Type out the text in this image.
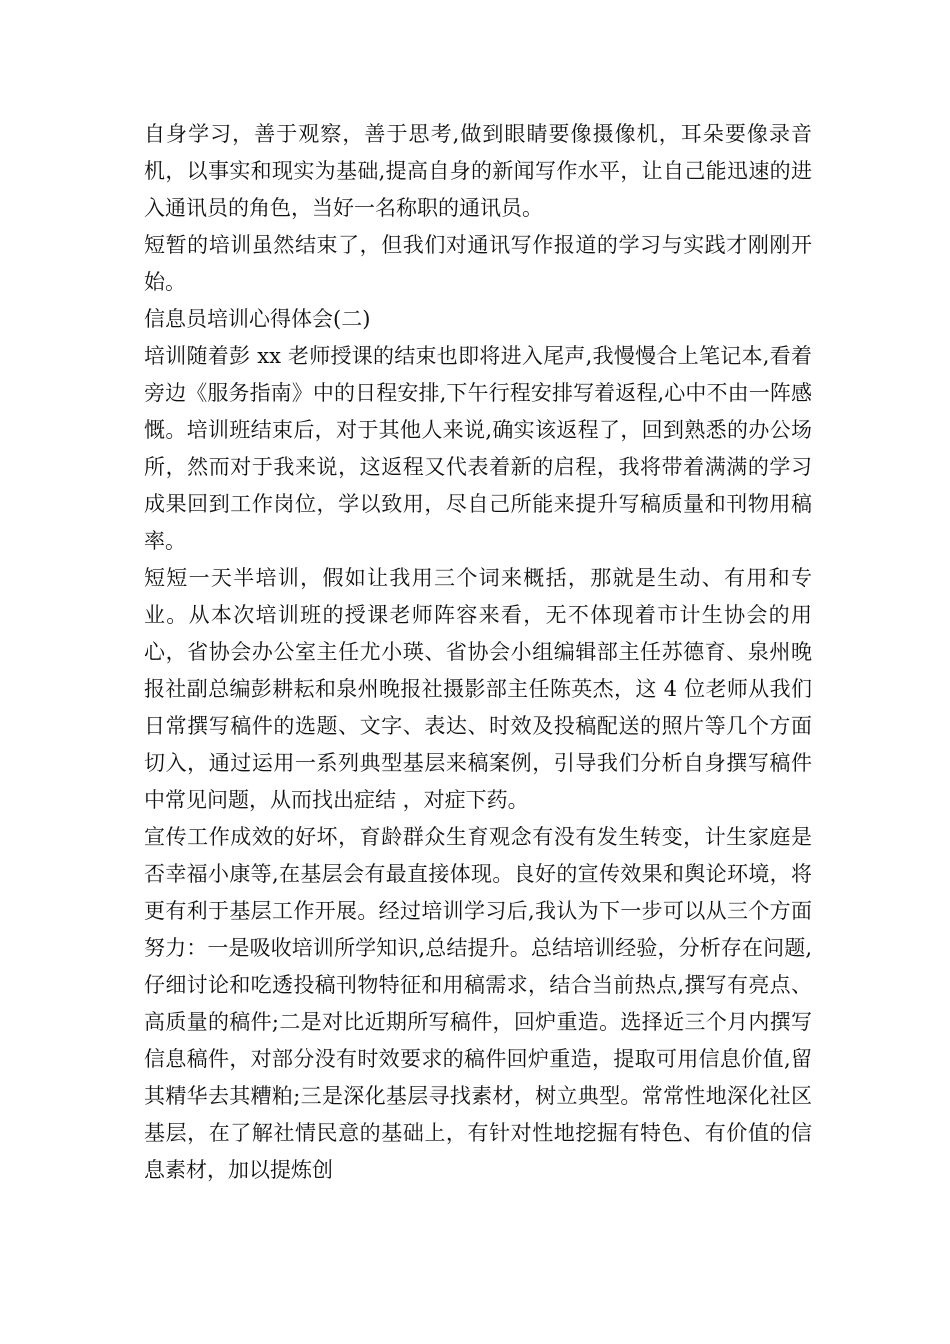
自身学习，善于观察，善于思考,做到眼睛要像摄像机，耳朵要像录音机，以事实和现实为基础,提高自身的新闻写作水平，让自己能迅速的进入通讯员的角色，当好一名称职的通讯员。

短暂的培训虽然结束了，但我们对通讯写作报道的学习与实践才刚刚开始。

信息员培训心得体会(二)

培训随着彭 xx 老师授课的结束也即将进入尾声,我慢慢合上笔记本,看着旁边《服务指南》中的日程安排,下午行程安排写着返程,心中不由一阵感慨。培训班结束后，对于其他人来说,确实该返程了，回到熟悉的办公场所，然而对于我来说，这返程又代表着新的启程，我将带着满满的学习成果回到工作岗位，学以致用，尽自己所能来提升写稿质量和刊物用稿率。

短短一天半培训，假如让我用三个词来概括，那就是生动、有用和专业。从本次培训班的授课老师阵容来看，无不体现着市计生协会的用心，省协会办公室主任尤小瑛、省协会小组编辑部主任苏德育、泉州晚报社副总编彭耕耘和泉州晚报社摄影部主任陈英杰，这 4 位老师从我们日常撰写稿件的选题、文字、表达、时效及投稿配送的照片等几个方面切入，通过运用一系列典型基层来稿案例，引导我们分析自身撰写稿件中常见问题，从而找出症结 ，对症下药。

宣传工作成效的好坏，育龄群众生育观念有没有发生转变，计生家庭是否幸福小康等,在基层会有最直接体现。良好的宣传效果和舆论环境，将更有利于基层工作开展。经过培训学习后,我认为下一步可以从三个方面努力：一是吸收培训所学知识,总结提升。总结培训经验，分析存在问题,仔细讨论和吃透投稿刊物特征和用稿需求，结合当前热点,撰写有亮点、高质量的稿件;二是对比近期所写稿件，回炉重造。选择近三个月内撰写信息稿件，对部分没有时效要求的稿件回炉重造，提取可用信息价值,留其精华去其糟粕;三是深化基层寻找素材，树立典型。常常性地深化社区基层，在了解社情民意的基础上，有针对性地挖掘有特色、有价值的信息素材，加以提炼创
